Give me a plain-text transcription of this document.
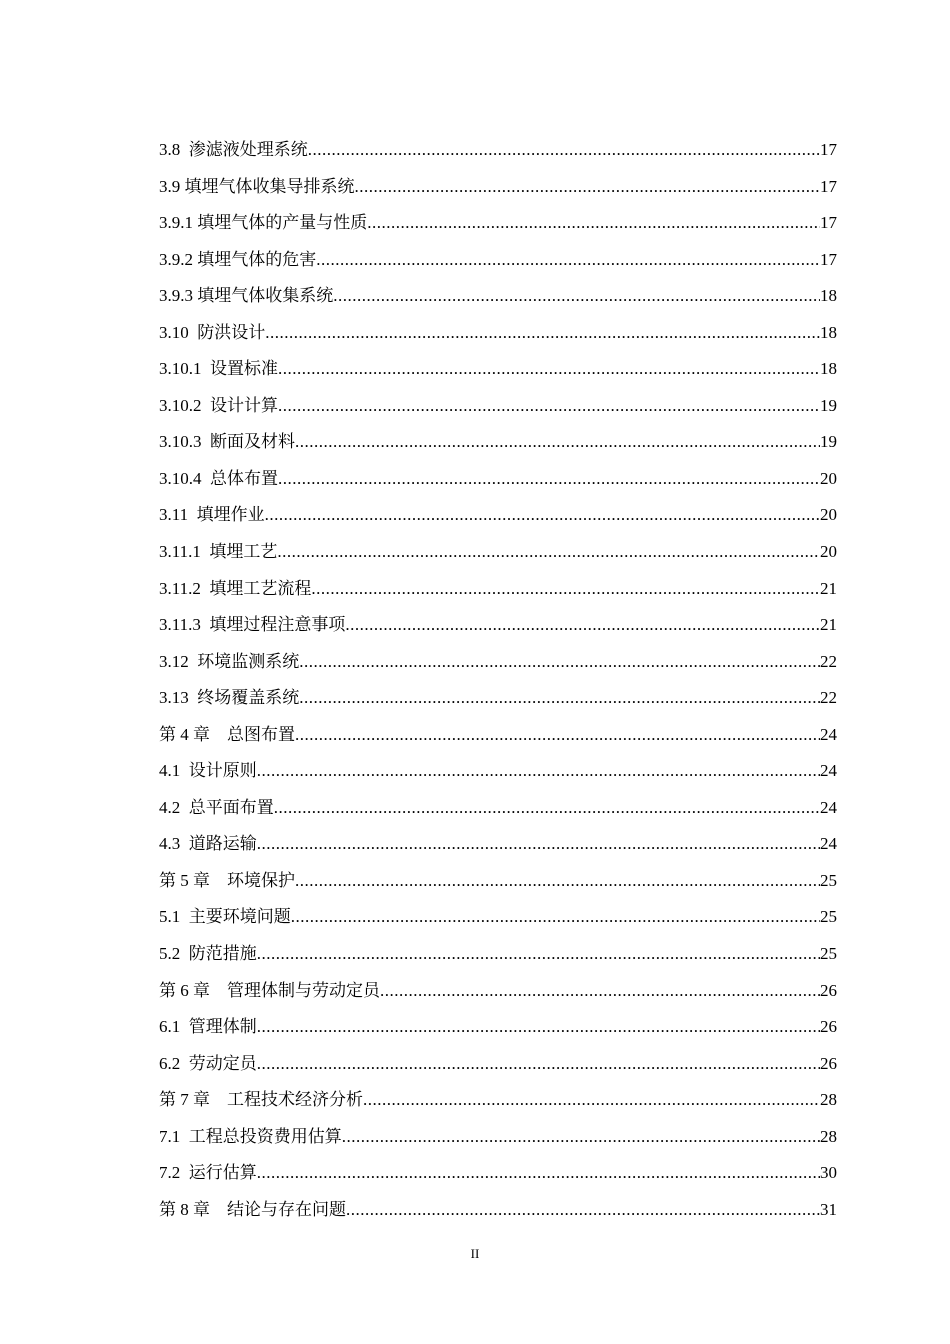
3.8  渗滤液处理系统 .....	17
3.9 填埋气体收集导排系统 .....	17
3.9.1 填埋气体的产量与性质 .....	17
3.9.2 填埋气体的危害 .....	17
3.9.3 填埋气体收集系统 .....	18
3.10  防洪设计 .....	18
3.10.1  设置标准 .....	18
3.10.2  设计计算 .....	19
3.10.3  断面及材料 .....	19
3.10.4  总体布置 .....	20
3.11  填埋作业 .....	20
3.11.1  填埋工艺 .....	20
3.11.2  填埋工艺流程 .....	21
3.11.3  填埋过程注意事项 .....	21
3.12  环境监测系统 .....	22
3.13  终场覆盖系统 .....	22
第 4 章    总图布置 .....	24
4.1  设计原则 .....	24
4.2  总平面布置 .....	24
4.3  道路运输 .....	24
第 5 章    环境保护 .....	25
5.1  主要环境问题 .....	25
5.2  防范措施 .....	25
第 6 章    管理体制与劳动定员 .....	26
6.1  管理体制 .....	26
6.2  劳动定员 .....	26
第 7 章    工程技术经济分析 .....	28
7.1  工程总投资费用估算 .....	28
7.2  运行估算 .....	30
第 8 章    结论与存在问题 .....	31
II
